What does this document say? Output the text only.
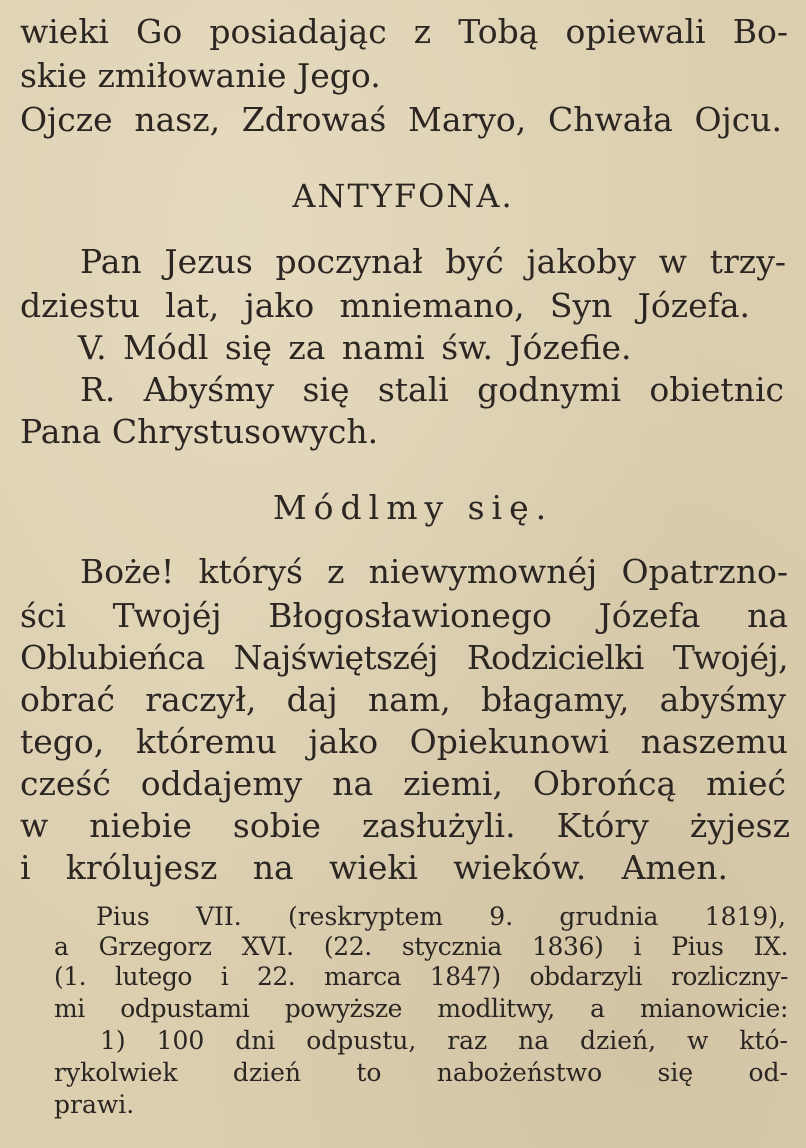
wieki Go posiadając z Tobą opiewali Bo-
skie zmiłowanie Jego.
Ojcze nasz, Zdrowaś Maryo, Chwała Ojcu.
ANTYFONA.
Pan Jezus poczynał być jakoby w trzy-
dziestu lat, jako mniemano, Syn Józefa.
V. Módl się za nami św. Józefie.
R. Abyśmy się stali godnymi obietnic
Pana Chrystusowych.
Módlmy się.
Boże! któryś z niewymownéj Opatrzno-
ści Twojéj Błogosławionego Józefa na
Oblubieńca Najświętszéj Rodzicielki Twojéj,
obrać raczył, daj nam, błagamy, abyśmy
tego, któremu jako Opiekunowi naszemu
cześć oddajemy na ziemi, Obrońcą mieć
w niebie sobie zasłużyli. Który żyjesz
i królujesz na wieki wieków. Amen.
Pius VII. (reskryptem 9. grudnia 1819),
a Grzegorz XVI. (22. stycznia 1836) i Pius IX.
(1. lutego i 22. marca 1847) obdarzyli rozliczny-
mi odpustami powyższe modlitwy, a mianowicie:
1) 100 dni odpustu, raz na dzień, w któ-
rykolwiek dzień to nabożeństwo się od-
prawi.
